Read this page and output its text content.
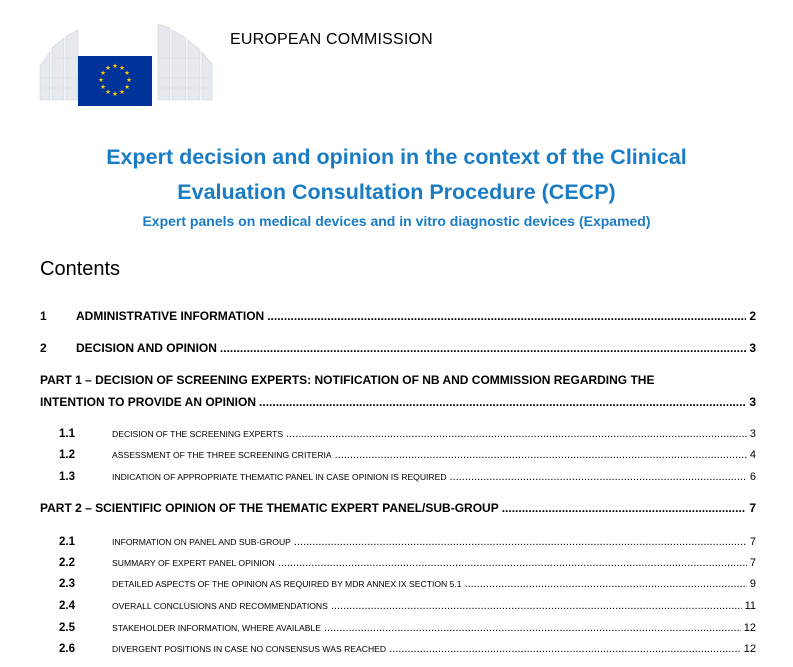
★ ★
★
★
★
★
★
★
★
★
★
★
EUROPEAN COMMISSION
Expert decision and opinion in the context of the Clinical
Evaluation Consultation Procedure (CECP)
Expert panels on medical devices and in vitro diagnostic devices (Expamed)
Contents
1	ADMINISTRATIVE INFORMATION .....	2
2	DECISION AND OPINION .....	3
PART 1 – DECISION OF SCREENING EXPERTS: NOTIFICATION OF NB AND COMMISSION REGARDING THE
INTENTION TO PROVIDE AN OPINION .....	3
1.1	DECISION OF THE SCREENING EXPERTS .....	3
1.2	ASSESSMENT OF THE THREE SCREENING CRITERIA .....	4
1.3	INDICATION OF APPROPRIATE THEMATIC PANEL IN CASE OPINION IS REQUIRED .....	6
PART 2 – SCIENTIFIC OPINION OF THE THEMATIC EXPERT PANEL/SUB-GROUP .....	7
2.1	INFORMATION ON PANEL AND SUB-GROUP .....	7
2.2	SUMMARY OF EXPERT PANEL OPINION .....	7
2.3	DETAILED ASPECTS OF THE OPINION AS REQUIRED BY MDR ANNEX IX SECTION 5.1 .....	9
2.4	OVERALL CONCLUSIONS AND RECOMMENDATIONS .....	11
2.5	STAKEHOLDER INFORMATION, WHERE AVAILABLE .....	12
2.6	DIVERGENT POSITIONS IN CASE NO CONSENSUS WAS REACHED .....	12
